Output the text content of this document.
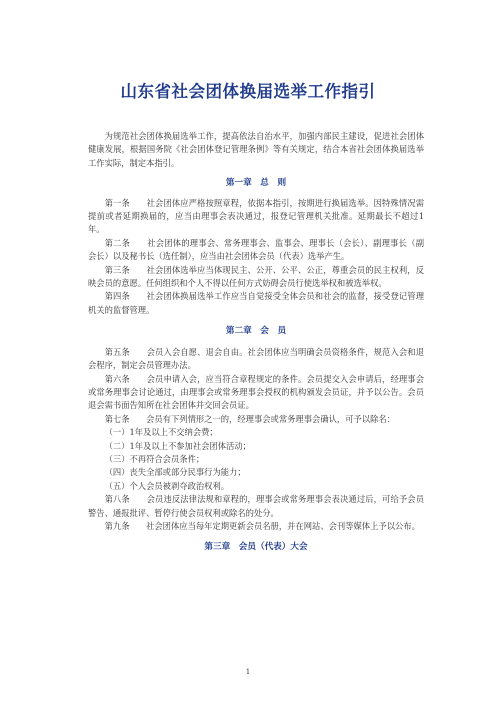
山东省社会团体换届选举工作指引

为规范社会团体换届选举工作，提高依法自治水平，加强内部民主建设，促进社会团体健康发展，根据国务院《社会团体登记管理条例》等有关规定，结合本省社会团体换届选举工作实际，制定本指引。

第一章　总　则

第一条　　社会团体应严格按照章程，依据本指引，按期进行换届选举。因特殊情况需提前或者延期换届的，应当由理事会表决通过，报登记管理机关批准。延期最长不超过1年。

第二条　　社会团体的理事会、常务理事会、监事会、理事长（会长）、副理事长（副会长）以及秘书长（选任制），应当由社会团体会员（代表）选举产生。

第三条　　社会团体选举应当体现民主、公开、公平、公正，尊重会员的民主权利，反映会员的意愿。任何组织和个人不得以任何方式妨碍会员行使选举权和被选举权。

第四条　　社会团体换届选举工作应当自觉接受全体会员和社会的监督，接受登记管理机关的监督管理。

第二章　会　员

第五条　　会员入会自愿、退会自由。社会团体应当明确会员资格条件，规范入会和退会程序，制定会员管理办法。

第六条　　会员申请入会，应当符合章程规定的条件。会员提交入会申请后，经理事会或常务理事会讨论通过，由理事会或常务理事会授权的机构颁发会员证，并予以公告。会员退会需书面告知所在社会团体并交回会员证。

第七条　　会员有下列情形之一的，经理事会或常务理事会确认，可予以除名：

（一）1年及以上不交纳会费；

（二）1年及以上不参加社会团体活动；

（三）不再符合会员条件；

（四）丧失全部或部分民事行为能力；

（五）个人会员被剥夺政治权利。

第八条　　会员违反法律法规和章程的，理事会或常务理事会表决通过后，可给予会员警告、通报批评、暂停行使会员权利或除名的处分。

第九条　　社会团体应当每年定期更新会员名册，并在网站、会刊等媒体上予以公布。

第三章　会员（代表）大会

1
